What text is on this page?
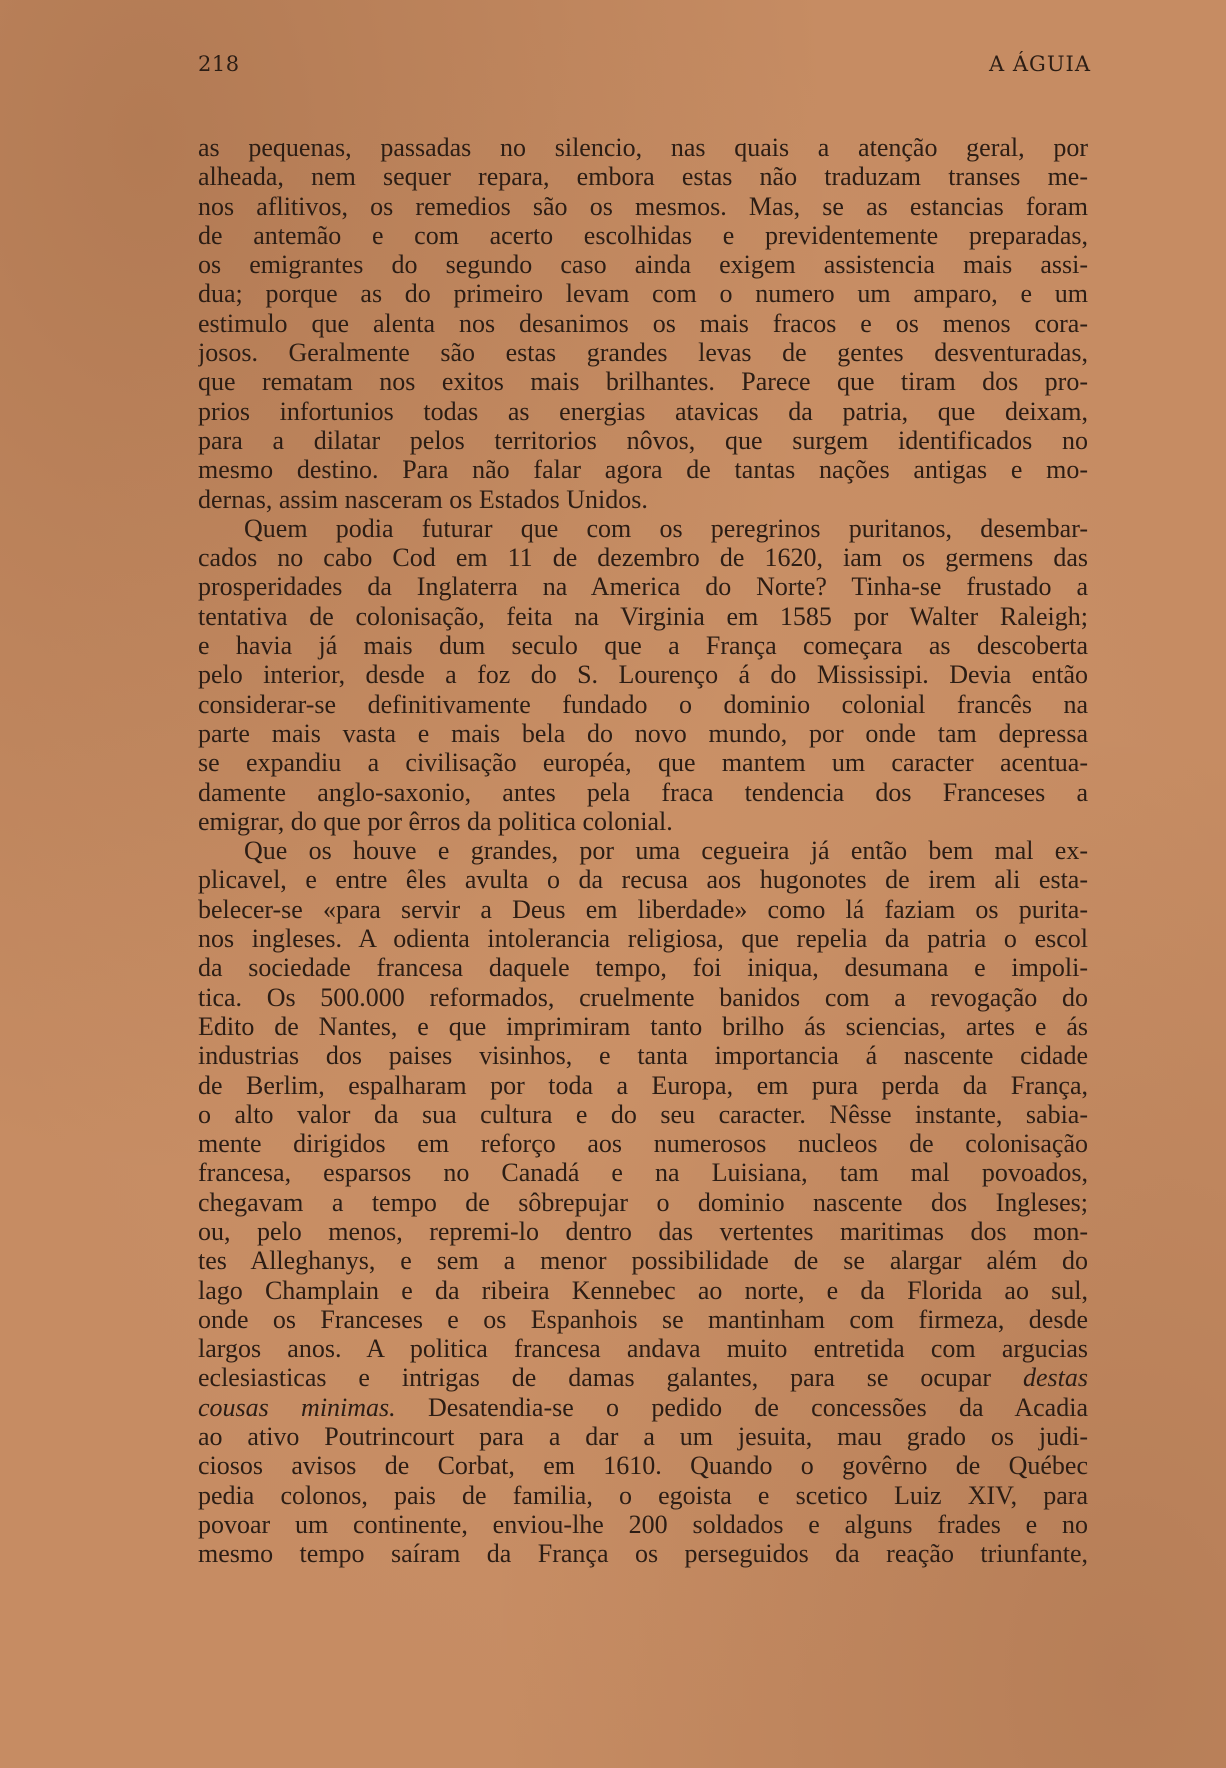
218	A ÁGUIA
as pequenas, passadas no silencio, nas quais a atenção geral, por
alheada, nem sequer repara, embora estas não traduzam transes me-
nos aflitivos, os remedios são os mesmos. Mas, se as estancias foram
de antemão e com acerto escolhidas e previdentemente preparadas,
os emigrantes do segundo caso ainda exigem assistencia mais assi-
dua; porque as do primeiro levam com o numero um amparo, e um
estimulo que alenta nos desanimos os mais fracos e os menos cora-
josos. Geralmente são estas grandes levas de gentes desventuradas,
que rematam nos exitos mais brilhantes. Parece que tiram dos pro-
prios infortunios todas as energias atavicas da patria, que deixam,
para a dilatar pelos territorios nôvos, que surgem identificados no
mesmo destino. Para não falar agora de tantas nações antigas e mo-
dernas, assim nasceram os Estados Unidos.
Quem podia futurar que com os peregrinos puritanos, desembar-
cados no cabo Cod em 11 de dezembro de 1620, iam os germens das
prosperidades da Inglaterra na America do Norte? Tinha-se frustado a
tentativa de colonisação, feita na Virginia em 1585 por Walter Raleigh;
e havia já mais dum seculo que a França começara as descoberta
pelo interior, desde a foz do S. Lourenço á do Mississipi. Devia então
considerar-se definitivamente fundado o dominio colonial francês na
parte mais vasta e mais bela do novo mundo, por onde tam depressa
se expandiu a civilisação européa, que mantem um caracter acentua-
damente anglo-saxonio, antes pela fraca tendencia dos Franceses a
emigrar, do que por êrros da politica colonial.
Que os houve e grandes, por uma cegueira já então bem mal ex-
plicavel, e entre êles avulta o da recusa aos hugonotes de irem ali esta-
belecer-se «para servir a Deus em liberdade» como lá faziam os purita-
nos ingleses. A odienta intolerancia religiosa, que repelia da patria o escol
da sociedade francesa daquele tempo, foi iniqua, desumana e impoli-
tica. Os 500.000 reformados, cruelmente banidos com a revogação do
Edito de Nantes, e que imprimiram tanto brilho ás sciencias, artes e ás
industrias dos paises visinhos, e tanta importancia á nascente cidade
de Berlim, espalharam por toda a Europa, em pura perda da França,
o alto valor da sua cultura e do seu caracter. Nêsse instante, sabia-
mente dirigidos em reforço aos numerosos nucleos de colonisação
francesa, esparsos no Canadá e na Luisiana, tam mal povoados,
chegavam a tempo de sôbrepujar o dominio nascente dos Ingleses;
ou, pelo menos, repremi-lo dentro das vertentes maritimas dos mon-
tes Alleghanys, e sem a menor possibilidade de se alargar além do
lago Champlain e da ribeira Kennebec ao norte, e da Florida ao sul,
onde os Franceses e os Espanhois se mantinham com firmeza, desde
largos anos. A politica francesa andava muito entretida com argucias
eclesiasticas e intrigas de damas galantes, para se ocupar destas
cousas minimas. Desatendia-se o pedido de concessões da Acadia
ao ativo Poutrincourt para a dar a um jesuita, mau grado os judi-
ciosos avisos de Corbat, em 1610. Quando o govêrno de Québec
pedia colonos, pais de familia, o egoista e scetico Luiz XIV, para
povoar um continente, enviou-lhe 200 soldados e alguns frades e no
mesmo tempo saíram da França os perseguidos da reação triunfante,
